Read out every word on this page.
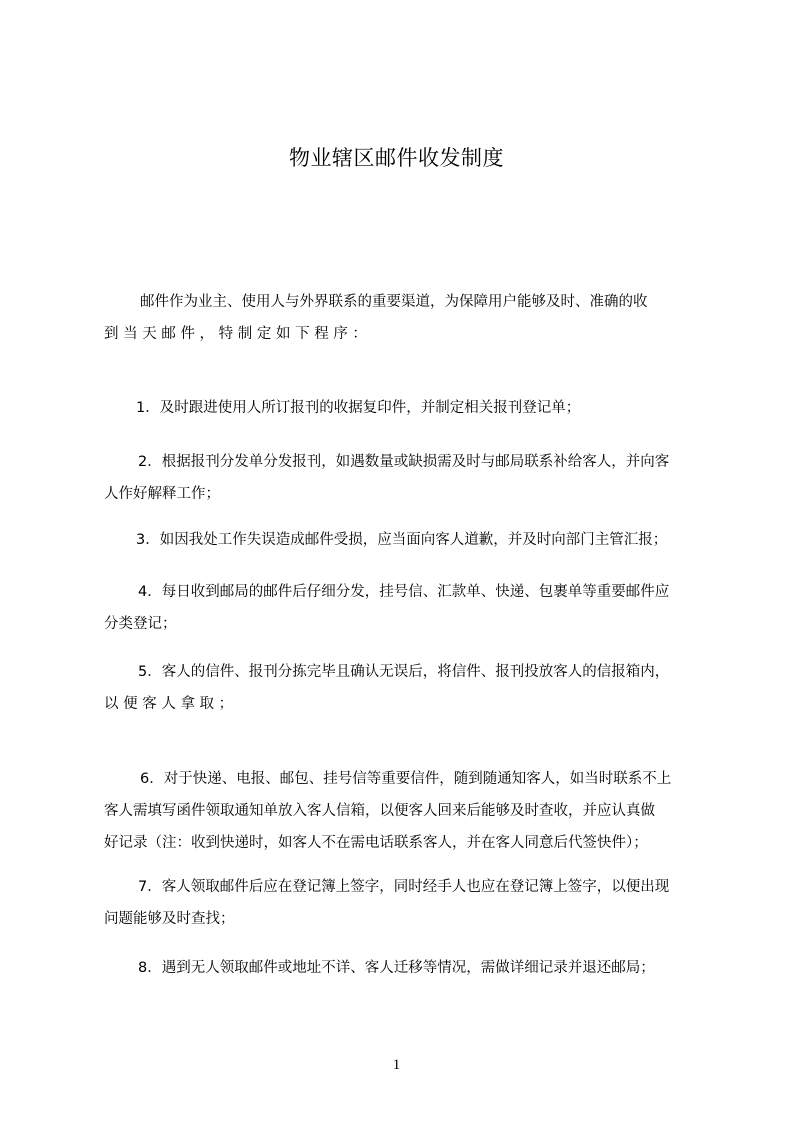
物业辖区邮件收发制度
邮件作为业主、使用人与外界联系的重要渠道，为保障用户能够及时、准确的收
到 当 天 邮 件 ， 特 制 定 如 下 程 序 ：
1．及时跟进使用人所订报刊的收据复印件，并制定相关报刊登记单；
2．根据报刊分发单分发报刊，如遇数量或缺损需及时与邮局联系补给客人，并向客
人作好解释工作；
3．如因我处工作失误造成邮件受损，应当面向客人道歉，并及时向部门主管汇报；
4．每日收到邮局的邮件后仔细分发，挂号信、汇款单、快递、包裹单等重要邮件应
分类登记；
5．客人的信件、报刊分拣完毕且确认无误后，将信件、报刊投放客人的信报箱内，
以 便 客 人 拿 取 ；
6．对于快递、电报、邮包、挂号信等重要信件，随到随通知客人，如当时联系不上
客人需填写函件领取通知单放入客人信箱，以便客人回来后能够及时查收，并应认真做
好记录（注：收到快递时，如客人不在需电话联系客人，并在客人同意后代签快件）；
7．客人领取邮件后应在登记簿上签字，同时经手人也应在登记簿上签字，以便出现
问题能够及时查找；
8．遇到无人领取邮件或地址不详、客人迁移等情况，需做详细记录并退还邮局；
1
